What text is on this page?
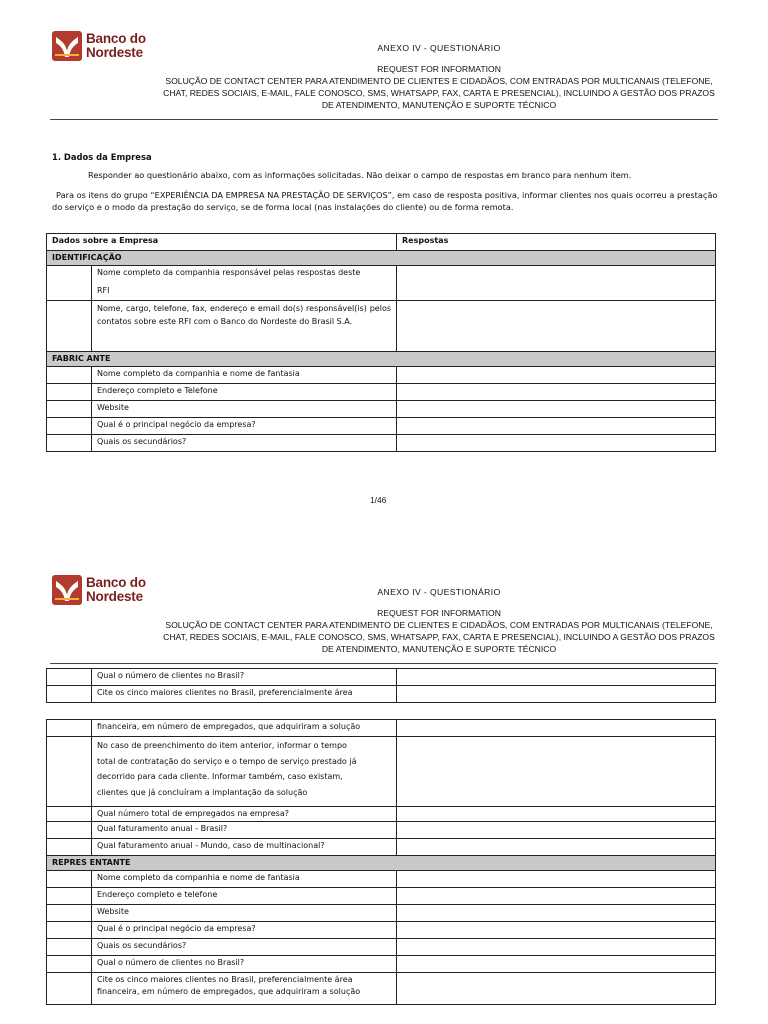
Banco do
Nordeste	ANEXO IV - QUESTIONÁRIO
REQUEST FOR INFORMATION
SOLUÇÃO DE CONTACT CENTER PARA ATENDIMENTO DE CLIENTES E CIDADÃOS, COM ENTRADAS POR MULTICANAIS (TELEFONE,
CHAT, REDES SOCIAIS, E-MAIL, FALE CONOSCO, SMS, WHATSAPP, FAX, CARTA E PRESENCIAL), INCLUINDO A GESTÃO DOS PRAZOS
DE ATENDIMENTO, MANUTENÇÃO E SUPORTE TÉCNICO
1. Dados da Empresa
Responder ao questionário abaixo, com as informações solicitadas. Não deixar o campo de respostas em branco para nenhum item.
Para os itens do grupo “EXPERIÊNCIA DA EMPRESA NA PRESTAÇÃO DE SERVIÇOS”, em caso de resposta positiva, informar clientes nos quais ocorreu a prestação do serviço e o modo da prestação do serviço, se de forma local (nas instalações do cliente) ou de forma remota.
Dados sobre a Empresa		Respostas
IDENTIFICAÇÃO		

	Nome completo da companhia responsável pelas respostas deste
RFI	

	Nome, cargo, telefone, fax, endereço e email do(s) responsável(is) pelos contatos sobre este RFI com o Banco do Nordeste do Brasil S.A.	
FABRIC ANTE		
	Nome completo da companhia e nome de fantasia	
	Endereço completo e Telefone	
	Website	
	Qual é o principal negócio da empresa?	
	Quais os secundários?	
1/46
Banco do
Nordeste	ANEXO IV - QUESTIONÁRIO
REQUEST FOR INFORMATION
SOLUÇÃO DE CONTACT CENTER PARA ATENDIMENTO DE CLIENTES E CIDADÃOS, COM ENTRADAS POR MULTICANAIS (TELEFONE,
CHAT, REDES SOCIAIS, E-MAIL, FALE CONOSCO, SMS, WHATSAPP, FAX, CARTA E PRESENCIAL), INCLUINDO A GESTÃO DOS PRAZOS
DE ATENDIMENTO, MANUTENÇÃO E SUPORTE TÉCNICO
	Qual o número de clientes no Brasil?	
	Cite os cinco maiores clientes no Brasil, preferencialmente área	
	financeira, em número de empregados, que adquiriram a solução	

	No caso de preenchimento do item anterior, informar o tempo
total de contratação do serviço e o tempo de serviço prestado já
decorrido para cada cliente. Informar também, caso existam,
clientes que já concluíram a implantação da solução	

	Qual número total de empregados na empresa?	
	Qual faturamento anual - Brasil?	
	Qual faturamento anual - Mundo, caso de multinacional?	
REPRES ENTANTE		
	Nome completo da companhia e nome de fantasia	
	Endereço completo e telefone	
	Website	
	Qual é o principal negócio da empresa?	
	Quais os secundários?	
	Qual o número de clientes no Brasil?	

	Cite os cinco maiores clientes no Brasil, preferencialmente área
financeira, em número de empregados, que adquiriram a solução	
